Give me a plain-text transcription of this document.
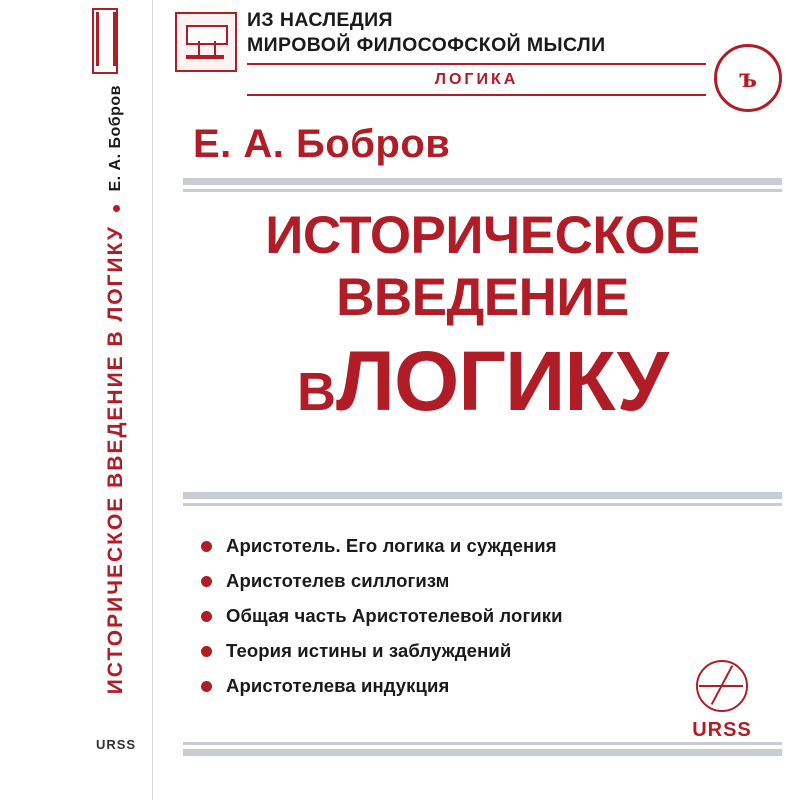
Е. А. Бобров
ИСТОРИЧЕСКОЕ ВВЕДЕНИЕ В ЛОГИКУ
URSS
ИЗ НАСЛЕДИЯ
МИРОВОЙ ФИЛОСОФСКОЙ МЫСЛИ
ЛОГИКА	ъ
Е. А. Бобров
ИСТОРИЧЕСКОЕ
ВВЕДЕНИЕ
ВЛОГИКУ
Аристотель. Его логика и суждения
Аристотелев силлогизм
Общая часть Аристотелевой логики
Теория истины и заблуждений
Аристотелева индукция
URSS
